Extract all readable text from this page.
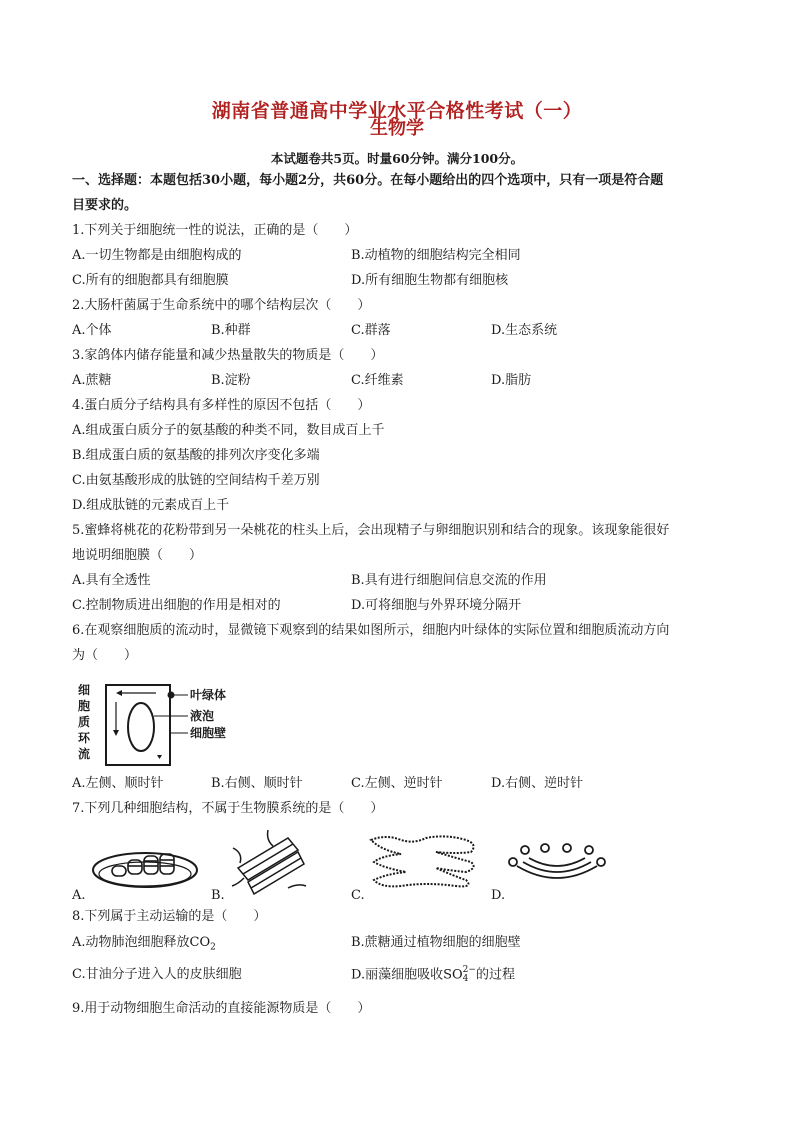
湖南省普通高中学业水平合格性考试（一）
生物学
本试题卷共5页。时量60分钟。满分100分。
一、选择题：本题包括30小题，每小题2分，共60分。在每小题给出的四个选项中，只有一项是符合题
目要求的。
1.下列关于细胞统一性的说法，正确的是（　　）
A.一切生物都是由细胞构成的	B.动植物的细胞结构完全相同
C.所有的细胞都具有细胞膜	D.所有细胞生物都有细胞核
2.大肠杆菌属于生命系统中的哪个结构层次（　　）
A.个体	B.种群	C.群落	D.生态系统
3.家鸽体内储存能量和减少热量散失的物质是（　　）
A.蔗糖	B.淀粉	C.纤维素	D.脂肪
4.蛋白质分子结构具有多样性的原因不包括（　　）
A.组成蛋白质分子的氨基酸的种类不同，数目成百上千
B.组成蛋白质的氨基酸的排列次序变化多端
C.由氨基酸形成的肽链的空间结构千差万别
D.组成肽链的元素成百上千
5.蜜蜂将桃花的花粉带到另一朵桃花的柱头上后，会出现精子与卵细胞识别和结合的现象。该现象能很好
地说明细胞膜（　　）
A.具有全透性	B.具有进行细胞间信息交流的作用
C.控制物质进出细胞的作用是相对的	D.可将细胞与外界环境分隔开
6.在观察细胞质的流动时，显微镜下观察到的结果如图所示，细胞内叶绿体的实际位置和细胞质流动方向
为（　　）
细
胞
质
环
流
叶绿体
液泡
细胞壁
A.左侧、顺时针	B.右侧、顺时针	C.左侧、逆时针	D.右侧、逆时针
7.下列几种细胞结构，不属于生物膜系统的是（　　）
A.	B.	C.	D.
8.下列属于主动运输的是（　　）
A.动物肺泡细胞释放$CO_2$	B.蔗糖通过植物细胞的细胞壁
C.甘油分子进入人的皮肤细胞	D.丽藻细胞吸收SO 2−
4 的过程
9.用于动物细胞生命活动的直接能源物质是（　　）
